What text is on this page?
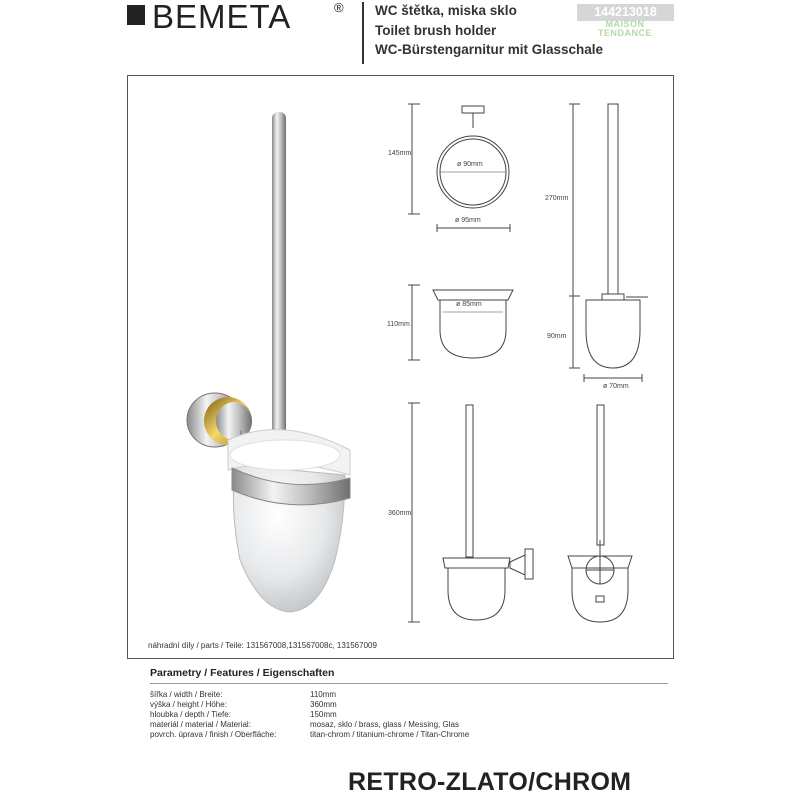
BEMETA	® WC štětka, miska sklo
Toilet brush holder
WC-Bürstengarnitur mit Glasschale
144213018
MAISON
TENDANCE
145mm
ø 90mm
ø 95mm
110mm
ø 85mm
270mm
90mm
ø 70mm
360mm
náhradní díly / parts / Teile: 131567008,131567008c, 131567009
Parametry / Features / Eigenschaften
šířka / width / Breite:	110mm
výška / height / Höhe:	360mm
hloubka / depth / Tiefe:	150mm
materiál / material / Material:	mosaz, sklo / brass, glass / Messing, Glas
povrch. úprava / finish / Oberfläche:	titan-chrom / titanium-chrome / Titan-Chrome
RETRO-ZLATO/CHROM
